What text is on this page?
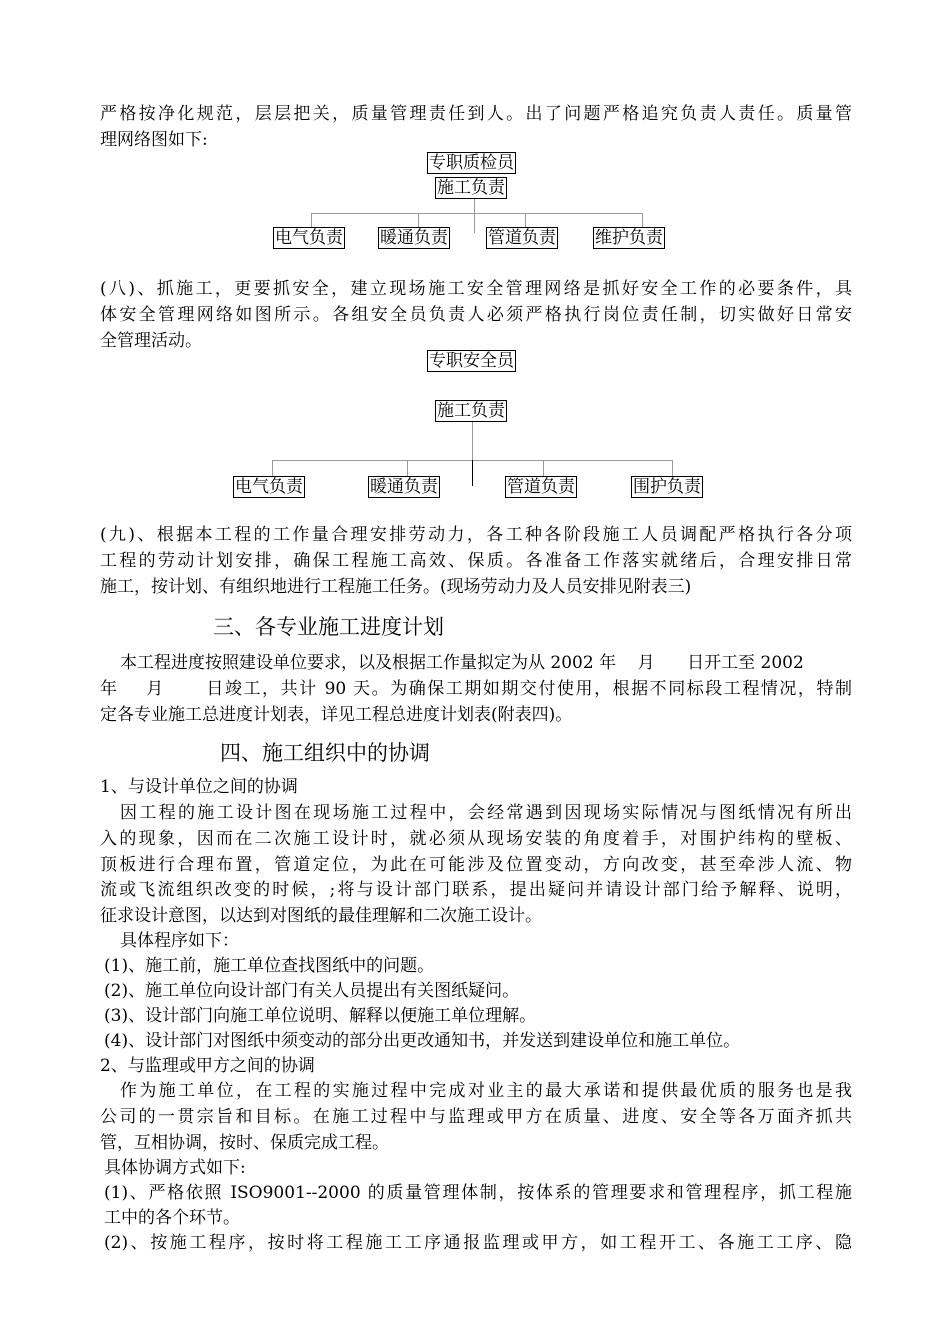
严格按净化规范，层层把关，质量管理责任到人。出了问题严格追究负责人责任。质量管

理网络图如下:

专职质检员
施工负责
电气负责 暖通负责 管道负责 维护负责

(八)、抓施工，更要抓安全，建立现场施工安全管理网络是抓好安全工作的必要条件，具

体安全管理网络如图所示。各组安全员负责人必须严格执行岗位责任制，切实做好日常安

全管理活动。

专职安全员
施工负责
电气负责	暖通负责	管道负责	围护负责

(九)、根据本工程的工作量合理安排劳动力，各工种各阶段施工人员调配严格执行各分项

工程的劳动计划安排，确保工程施工高效、保质。各准备工作落实就绪后，合理安排日常

施工，按计划、有组织地进行工程施工任务。(现场劳动力及人员安排见附表三)

三、各专业施工进度计划

本工程进度按照建设单位要求，以及根据工作量拟定为从 2002 年    月      日开工至 2002

年    月      日竣工，共计 90 天。为确保工期如期交付使用，根据不同标段工程情况，特制

定各专业施工总进度计划表，详见工程总进度计划表(附表四)。

四、施工组织中的协调

1、与设计单位之间的协调

因工程的施工设计图在现场施工过程中，会经常遇到因现场实际情况与图纸情况有所出

入的现象，因而在二次施工设计时，就必须从现场安装的角度着手，对围护纬构的壁板、

顶板进行合理布置，管道定位，为此在可能涉及位置变动，方向改变，甚至牵涉人流、物

流或飞流组织改变的时候，;将与设计部门联系，提出疑问并请设计部门给予解释、说明，

征求设计意图，以达到对图纸的最佳理解和二次施工设计。

具体程序如下：

(1)、施工前，施工单位查找图纸中的问题。

(2)、施工单位向设计部门有关人员提出有关图纸疑问。

(3)、设计部门向施工单位说明、解释以便施工单位理解。

(4)、设计部门对图纸中须变动的部分出更改通知书，并发送到建设单位和施工单位。

2、与监理或甲方之间的协调

作为施工单位，在工程的实施过程中完成对业主的最大承诺和提供最优质的服务也是我

公司的一贯宗旨和目标。在施工过程中与监理或甲方在质量、进度、安全等各万面齐抓共

管，互相协调，按时、保质完成工程。

具体协调方式如下:

(1)、严格依照 ISO9001--2000 的质量管理体制，按体系的管理要求和管理程序，抓工程施

工中的各个环节。

(2)、按施工程序，按时将工程施工工序通报监理或甲方，如工程开工、各施工工序、隐
